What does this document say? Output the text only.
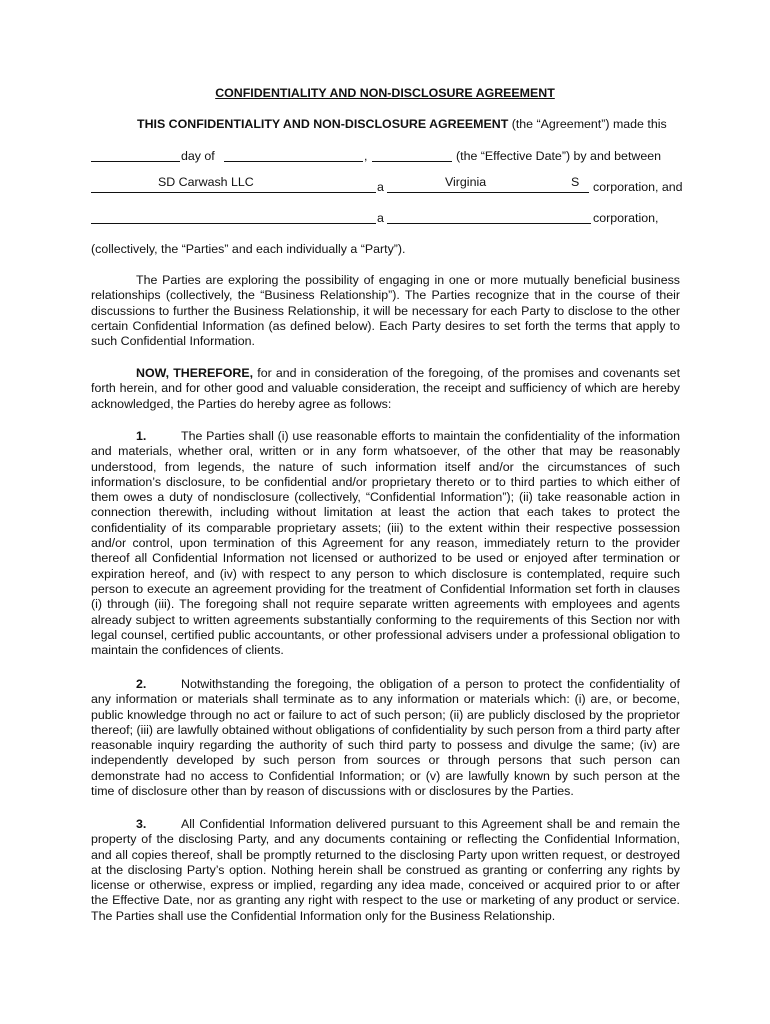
CONFIDENTIALITY AND NON-DISCLOSURE AGREEMENT
THIS CONFIDENTIALITY AND NON-DISCLOSURE AGREEMENT (the “Agreement”) made this
day of	,	(the “Effective Date”) by and between
SD Carwash LLC	a	Virginia	S corporation, and
a	corporation,
(collectively, the “Parties” and each individually a “Party”).
The Parties are exploring the possibility of engaging in one or more mutually beneficial business relationships (collectively, the “Business Relationship”). The Parties recognize that in the course of their discussions to further the Business Relationship, it will be necessary for each Party to disclose to the other certain Confidential Information (as defined below). Each Party desires to set forth the terms that apply to such Confidential Information.
NOW, THEREFORE, for and in consideration of the foregoing, of the promises and covenants set forth herein, and for other good and valuable consideration, the receipt and sufficiency of which are hereby acknowledged, the Parties do hereby agree as follows:
1.	The Parties shall (i) use reasonable efforts to maintain the confidentiality of the information and materials, whether oral, written or in any form whatsoever, of the other that may be reasonably understood, from legends, the nature of such information itself and/or the circumstances of such information’s disclosure, to be confidential and/or proprietary thereto or to third parties to which either of them owes a duty of nondisclosure (collectively, “Confidential Information”); (ii) take reasonable action in connection therewith, including without limitation at least the action that each takes to protect the confidentiality of its comparable proprietary assets; (iii) to the extent within their respective possession and/or control, upon termination of this Agreement for any reason, immediately return to the provider thereof all Confidential Information not licensed or authorized to be used or enjoyed after termination or expiration hereof, and (iv) with respect to any person to which disclosure is contemplated, require such person to execute an agreement providing for the treatment of Confidential Information set forth in clauses (i) through (iii). The foregoing shall not require separate written agreements with employees and agents already subject to written agreements substantially conforming to the requirements of this Section nor with legal counsel, certified public accountants, or other professional advisers under a professional obligation to maintain the confidences of clients.
2.	Notwithstanding the foregoing, the obligation of a person to protect the confidentiality of any information or materials shall terminate as to any information or materials which: (i) are, or become, public knowledge through no act or failure to act of such person; (ii) are publicly disclosed by the proprietor thereof; (iii) are lawfully obtained without obligations of confidentiality by such person from a third party after reasonable inquiry regarding the authority of such third party to possess and divulge the same; (iv) are independently developed by such person from sources or through persons that such person can demonstrate had no access to Confidential Information; or (v) are lawfully known by such person at the time of disclosure other than by reason of discussions with or disclosures by the Parties.
3.	All Confidential Information delivered pursuant to this Agreement shall be and remain the property of the disclosing Party, and any documents containing or reflecting the Confidential Information, and all copies thereof, shall be promptly returned to the disclosing Party upon written request, or destroyed at the disclosing Party’s option. Nothing herein shall be construed as granting or conferring any rights by license or otherwise, express or implied, regarding any idea made, conceived or acquired prior to or after the Effective Date, nor as granting any right with respect to the use or marketing of any product or service. The Parties shall use the Confidential Information only for the Business Relationship.
